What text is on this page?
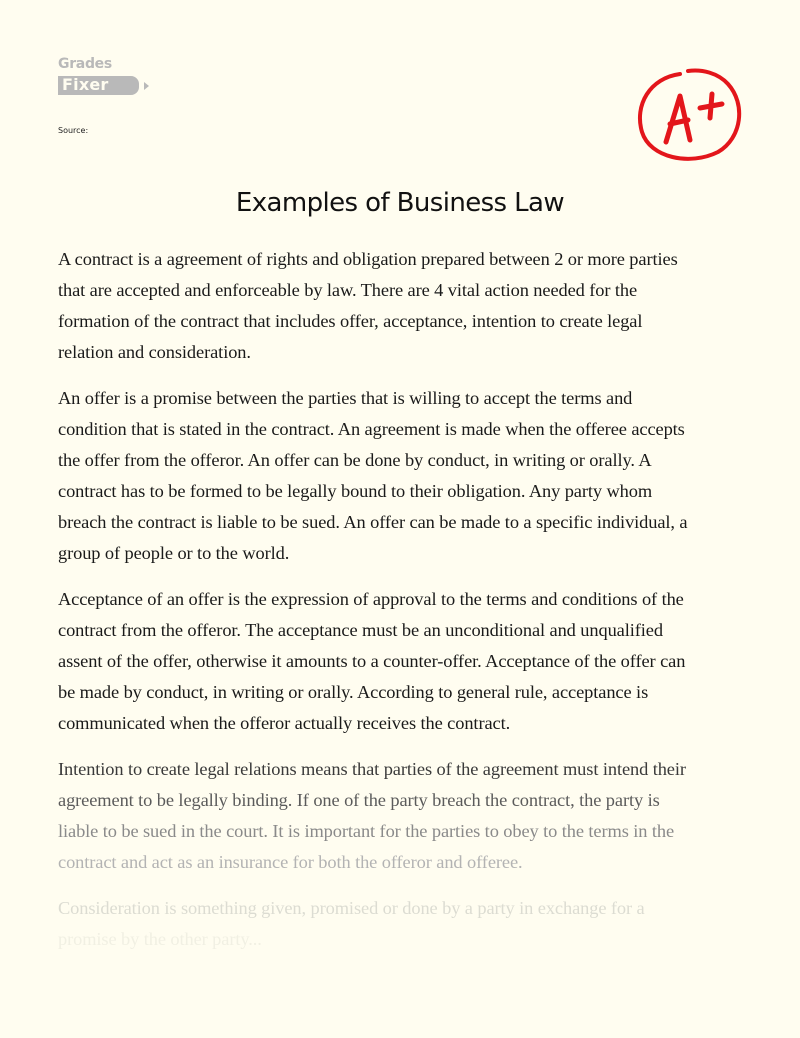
Grades
Fixer
Source:
Examples of Business Law

A contract is a agreement of rights and obligation prepared between 2 or more parties
that are accepted and enforceable by law. There are 4 vital action needed for the
formation of the contract that includes offer, acceptance, intention to create legal
relation and consideration.

An offer is a promise between the parties that is willing to accept the terms and
condition that is stated in the contract. An agreement is made when the offeree accepts
the offer from the offeror. An offer can be done by conduct, in writing or orally. A
contract has to be formed to be legally bound to their obligation. Any party whom
breach the contract is liable to be sued. An offer can be made to a specific individual, a
group of people or to the world.

Acceptance of an offer is the expression of approval to the terms and conditions of the
contract from the offeror. The acceptance must be an unconditional and unqualified
assent of the offer, otherwise it amounts to a counter-offer. Acceptance of the offer can
be made by conduct, in writing or orally. According to general rule, acceptance is
communicated when the offeror actually receives the contract.

Intention to create legal relations means that parties of the agreement must intend their
agreement to be legally binding. If one of the party breach the contract, the party is
liable to be sued in the court. It is important for the parties to obey to the terms in the
contract and act as an insurance for both the offeror and offeree.

Consideration is something given, promised or done by a party in exchange for a
promise by the other party...
